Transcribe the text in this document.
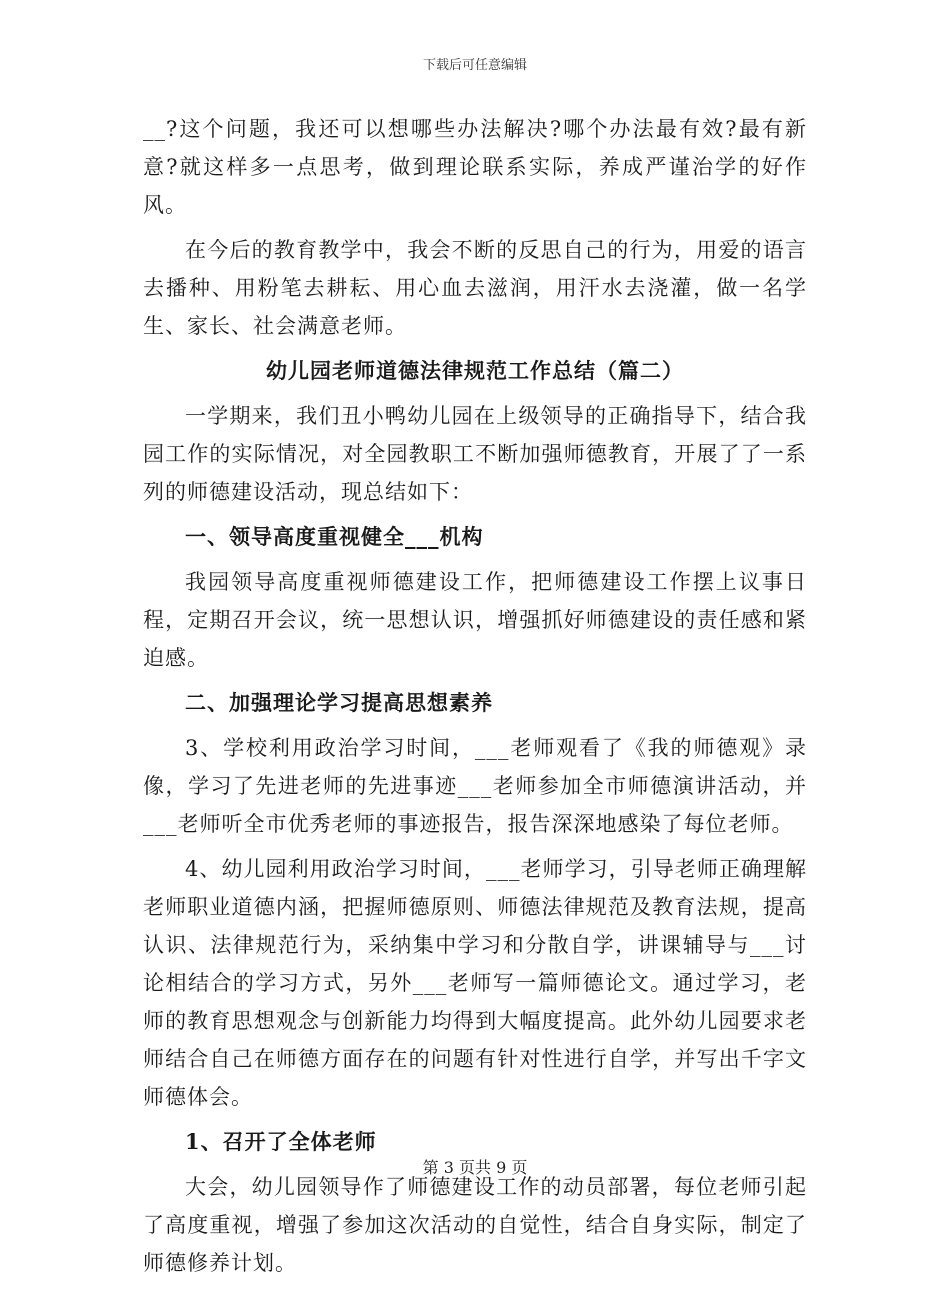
下载后可任意编辑

__?这个问题，我还可以想哪些办法解决?哪个办法最有效?最有新意?就这样多一点思考，做到理论联系实际，养成严谨治学的好作风。

在今后的教育教学中，我会不断的反思自己的行为，用爱的语言去播种、用粉笔去耕耘、用心血去滋润，用汗水去浇灌，做一名学生、家长、社会满意老师。

幼儿园老师道德法律规范工作总结（篇二）

一学期来，我们丑小鸭幼儿园在上级领导的正确指导下，结合我园工作的实际情况，对全园教职工不断加强师德教育，开展了了一系列的师德建设活动，现总结如下：

一、领导高度重视健全___机构

我园领导高度重视师德建设工作，把师德建设工作摆上议事日程，定期召开会议，统一思想认识，增强抓好师德建设的责任感和紧迫感。

二、加强理论学习提高思想素养

3、学校利用政治学习时间，___老师观看了《我的师德观》录像，学习了先进老师的先进事迹___老师参加全市师德演讲活动，并___老师听全市优秀老师的事迹报告，报告深深地感染了每位老师。

4、幼儿园利用政治学习时间，___老师学习，引导老师正确理解老师职业道德内涵，把握师德原则、师德法律规范及教育法规，提高认识、法律规范行为，采纳集中学习和分散自学，讲课辅导与___讨论相结合的学习方式，另外___老师写一篇师德论文。通过学习，老师的教育思想观念与创新能力均得到大幅度提高。此外幼儿园要求老师结合自己在师德方面存在的问题有针对性进行自学，并写出千字文师德体会。

1、召开了全体老师

大会，幼儿园领导作了师德建设工作的动员部署，每位老师引起了高度重视，增强了参加这次活动的自觉性，结合自身实际，制定了师德修养计划。

第 3 页共 9 页
